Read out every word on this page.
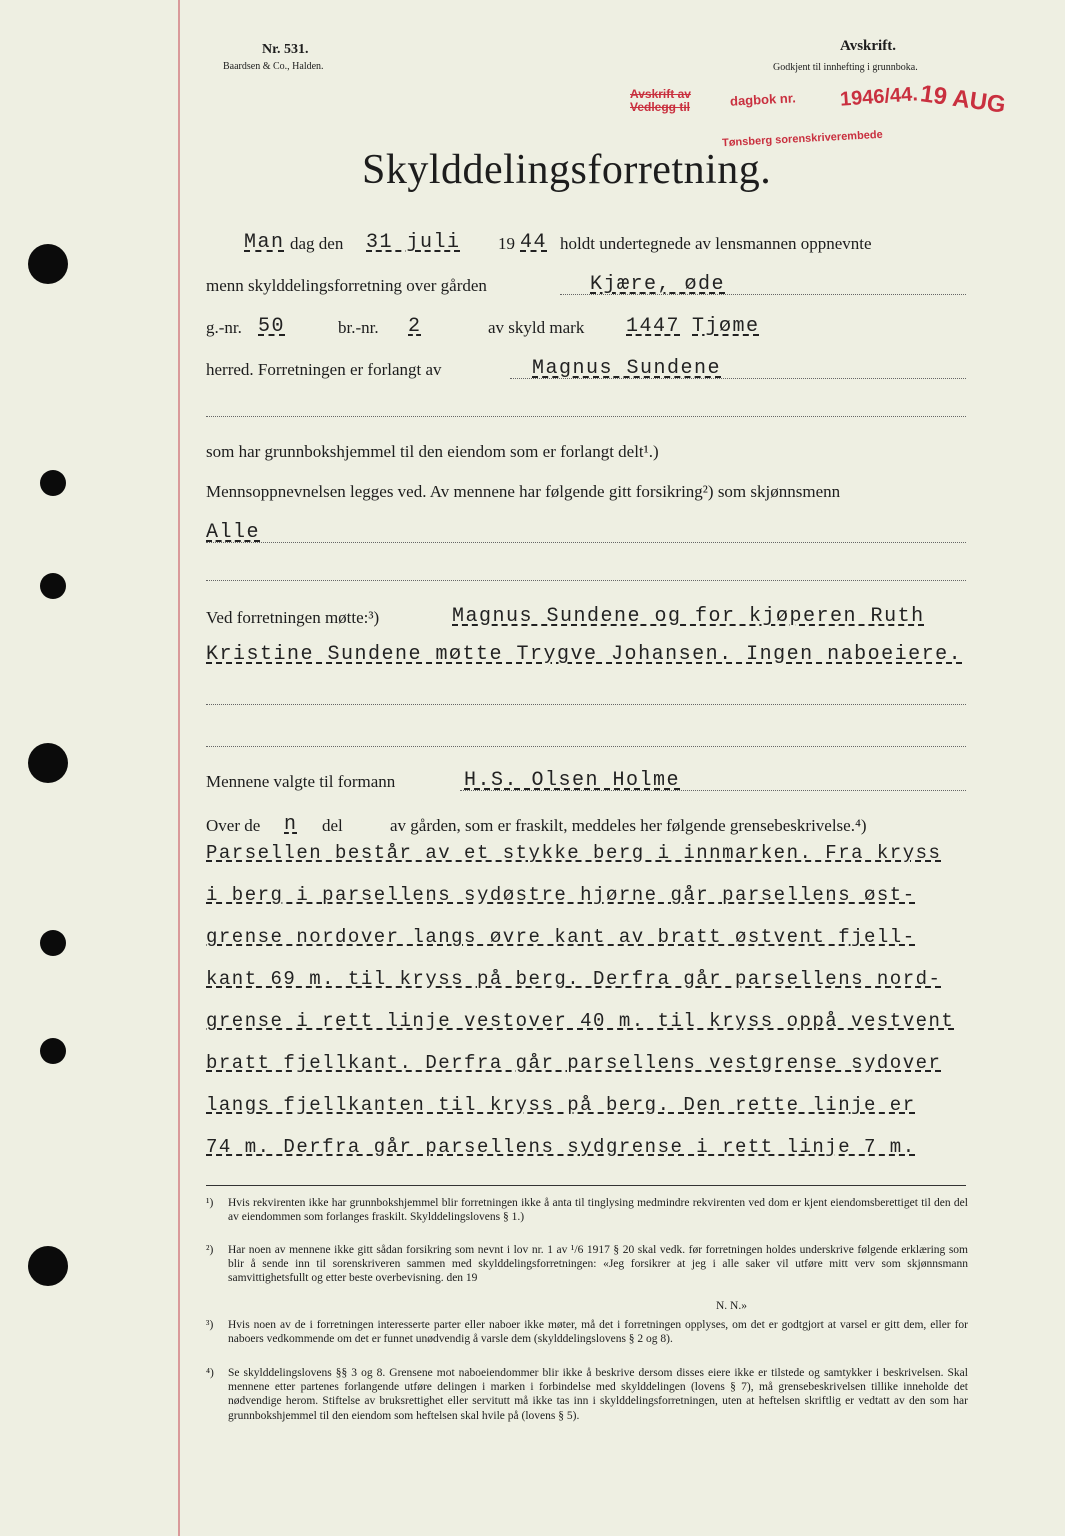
Nr. 531.
Baardsen & Co., Halden.
Avskrift.
Godkjent til innhefting i grunnboka.
Avskrift av
Vedlegg til	dagbok nr. 1946/44.
Tønsberg sorenskriverembede
19 AUG
Skylddelingsforretning.
Man dag den 31 juli 19 44 holdt undertegnede av lensmannen oppnevnte
menn skylddelingsforretning over gården	Kjære, øde
g.-nr. 50	br.-nr. 2	av skyld mark 1447 Tjøme
herred. Forretningen er forlangt av	Magnus Sundene
som har grunnbokshjemmel til den eiendom som er forlangt delt¹.)
Mennsoppnevnelsen legges ved. Av mennene har følgende gitt forsikring²) som skjønnsmenn
Alle
Ved forretningen møtte:³)	Magnus Sundene og for kjøperen Ruth
Kristine Sundene møtte Trygve Johansen. Ingen naboeiere.
Mennene valgte til formann	H.S. Olsen Holme
Over de n del	av gården, som er fraskilt, meddeles her følgende grensebeskrivelse.⁴)
Parsellen består av et stykke berg i innmarken. Fra kryss
i berg i parsellens sydøstre hjørne går parsellens øst-
grense nordover langs øvre kant av bratt østvent fjell-
kant 69 m. til kryss på berg. Derfra går parsellens nord-
grense i rett linje vestover 40 m. til kryss oppå vestvent
bratt fjellkant. Derfra går parsellens vestgrense sydover
langs fjellkanten til kryss på berg. Den rette linje er
74 m. Derfra går parsellens sydgrense i rett linje 7 m.
¹) Hvis rekvirenten ikke har grunnbokshjemmel blir forretningen ikke å anta til tinglysing medmindre rekvirenten ved dom er kjent eiendomsberettiget til den del av eiendommen som forlanges fraskilt. Skylddelingslovens § 1.)
²) Har noen av mennene ikke gitt sådan forsikring som nevnt i lov nr. 1 av ¹/6 1917 § 20 skal vedk. før forretningen holdes underskrive følgende erklæring som blir å sende inn til sorenskriveren sammen med skylddelingsforretningen: «Jeg forsikrer at jeg i alle saker vil utføre mitt verv som skjønnsmann samvittighetsfullt og etter beste overbevisning. den 19
N. N.»
³) Hvis noen av de i forretningen interesserte parter eller naboer ikke møter, må det i forretningen opplyses, om det er godtgjort at varsel er gitt dem, eller for naboers vedkommende om det er funnet unødvendig å varsle dem (skylddelingslovens § 2 og 8).
⁴) Se skylddelingslovens §§ 3 og 8. Grensene mot naboeiendommer blir ikke å beskrive dersom disses eiere ikke er tilstede og samtykker i beskrivelsen. Skal mennene etter partenes forlangende utføre delingen i marken i forbindelse med skylddelingen (lovens § 7), må grensebeskrivelsen tillike inneholde det nødvendige herom. Stiftelse av bruksrettighet eller servitutt må ikke tas inn i skylddelingsforretningen, uten at heftelsen skriftlig er vedtatt av den som har grunnbokshjemmel til den eiendom som heftelsen skal hvile på (lovens § 5).
